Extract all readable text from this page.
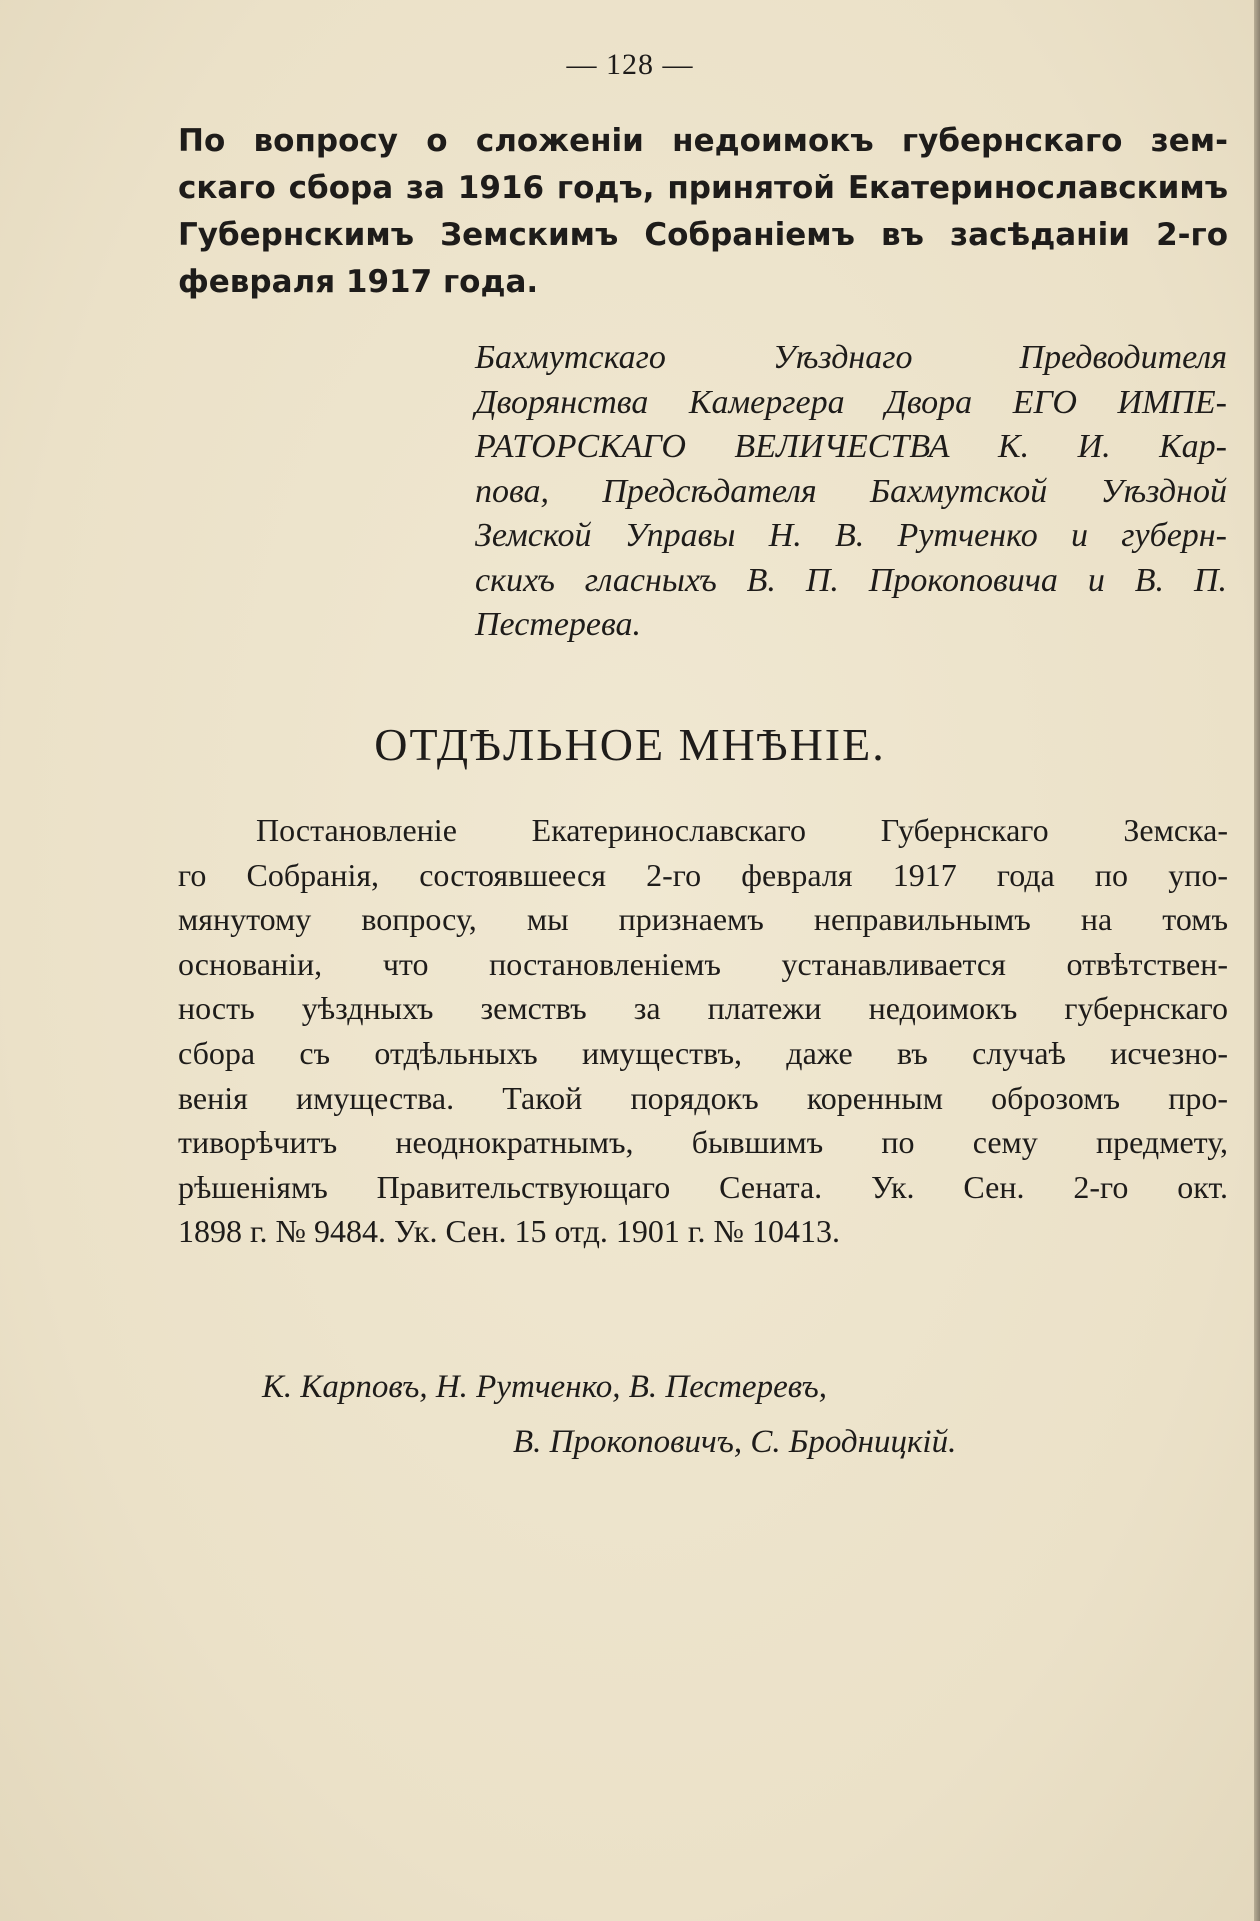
— 128 —
По вопросу о сложеніи недоимокъ губернскаго зем-
скаго сбора за 1916 годъ, принятой Екатеринославскимъ
Губернскимъ Земскимъ Собраніемъ въ засѣданіи 2-го
февраля 1917 года.

Бахмутскаго Уѣзднаго Предводителя
Дворянства Камергера Двора ЕГО ИМПЕ-
РАТОРСКАГО ВЕЛИЧЕСТВА К. И. Кар-
пова, Предсѣдателя Бахмутской Уѣздной
Земской Управы Н. В. Рутченко и губерн-
скихъ гласныхъ В. П. Прокоповича и В. П.
Пестерева.

ОТДѢЛЬНОЕ МНѢНІЕ.

Постановленіе Екатеринославскаго Губернскаго Земска-
го Собранія, состоявшееся 2-го февраля 1917 года по упо-
мянутому вопросу, мы признаемъ неправильнымъ на томъ
основаніи, что постановленіемъ устанавливается отвѣтствен-
ность уѣздныхъ земствъ за платежи недоимокъ губернскаго
сбора съ отдѣльныхъ имуществъ, даже въ случаѣ исчезно-
венія имущества. Такой порядокъ коренным оброзомъ про-
тиворѣчитъ неоднократнымъ, бывшимъ по сему предмету,
рѣшеніямъ Правительствующаго Сената. Ук. Сен. 2-го окт.
1898 г. № 9484. Ук. Сен. 15 отд. 1901 г. № 10413.

К. Карповъ, Н. Рутченко, В. Пестеревъ,
В. Прокоповичъ, С. Бродницкій.
